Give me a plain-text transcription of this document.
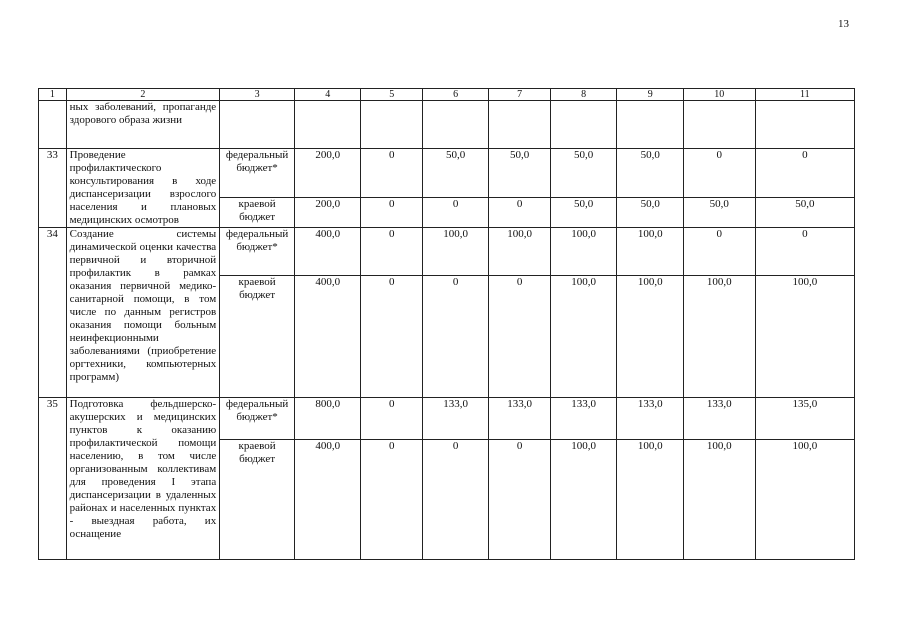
13
1	2	3	4	5	6	7	8	9	10	11
	ных заболеваний, пропаганде здорового образа жизни									
33	Проведение профилактического консультирования в ходе диспансеризации взрослого населения и плановых медицинских осмотров	федеральный бюджет*	200,0	0	50,0	50,0	50,0	50,0	0	0
		краевой бюджет	200,0	0	0	0	50,0	50,0	50,0	50,0
34	Создание системы динамической оценки качества первичной и вторичной профилактик в рамках оказания первичной медико-санитарной помощи, в том числе по данным регистров оказания помощи больным неинфекционными заболеваниями (приобретение оргтехники, компьютерных программ)	федеральный бюджет*	400,0	0	100,0	100,0	100,0	100,0	0	0
		краевой бюджет	400,0	0	0	0	100,0	100,0	100,0	100,0
35	Подготовка фельдшерско-акушерских и медицинских пунктов к оказанию профилактической помощи населению, в том числе организованным коллективам для проведения I этапа диспансеризации в удаленных районах и населенных пунктах - выездная работа, их оснащение	федеральный бюджет*	800,0	0	133,0	133,0	133,0	133,0	133,0	135,0
		краевой бюджет	400,0	0	0	0	100,0	100,0	100,0	100,0
